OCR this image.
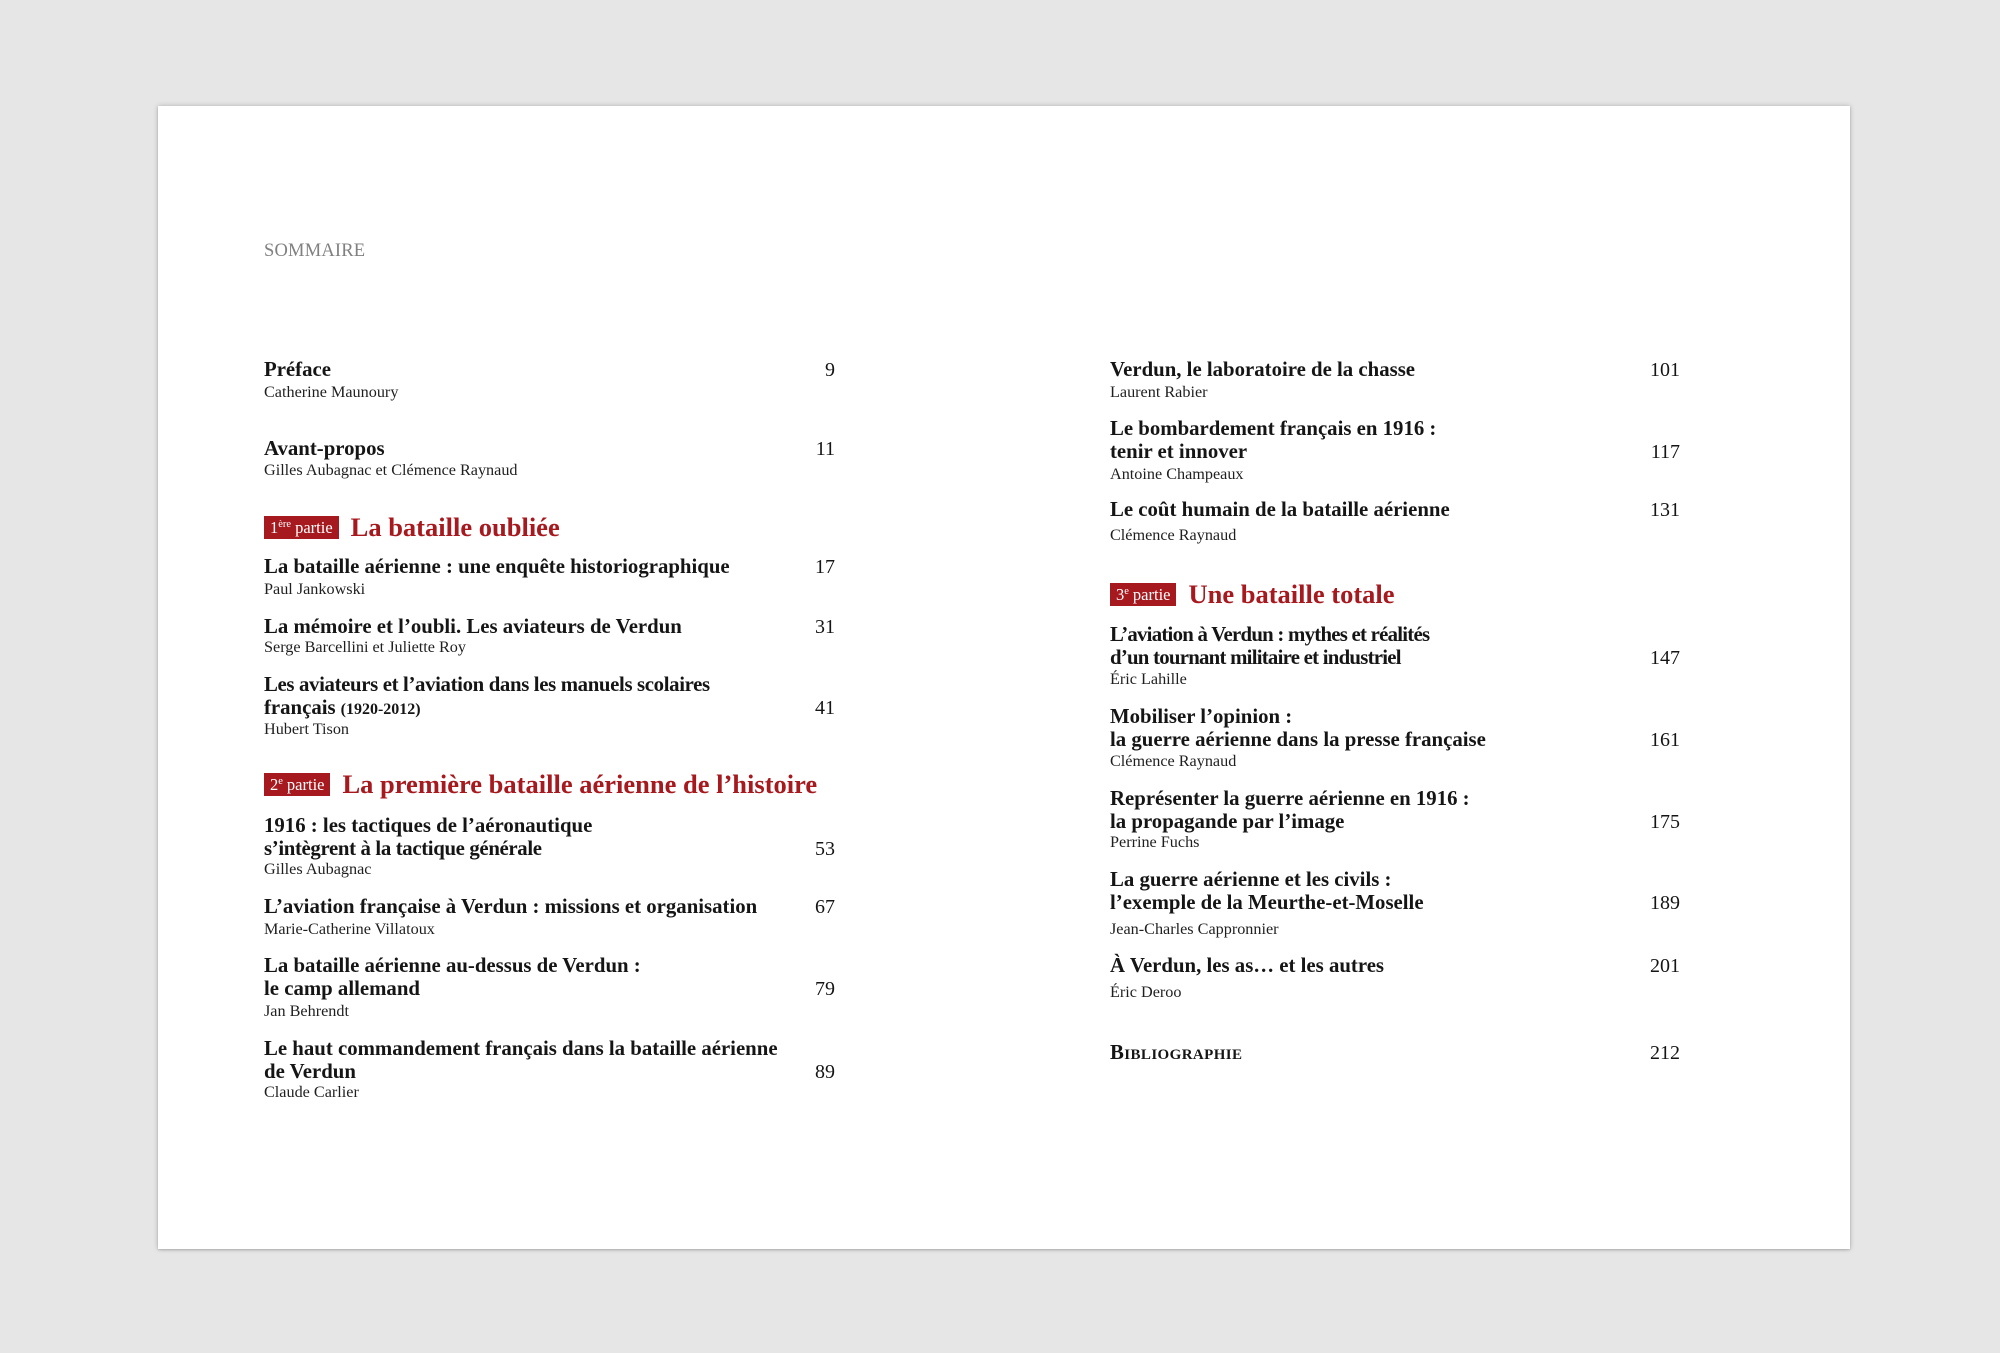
SOMMAIRE
Préface	9
Catherine Maunoury
Avant-propos	11
Gilles Aubagnac et Clémence Raynaud
1ère partie La bataille oubliée
La bataille aérienne : une enquête historiographique	17
Paul Jankowski
La mémoire et l’oubli. Les aviateurs de Verdun	31
Serge Barcellini et Juliette Roy
Les aviateurs et l’aviation dans les manuels scolaires
français (1920-2012)	41
Hubert Tison
2e partie La première bataille aérienne de l’histoire
1916 : les tactiques de l’aéronautique
s’intègrent à la tactique générale	53
Gilles Aubagnac
L’aviation française à Verdun : missions et organisation	67
Marie-Catherine Villatoux
La bataille aérienne au-dessus de Verdun :
le camp allemand	79
Jan Behrendt
Le haut commandement français dans la bataille aérienne
de Verdun	89
Claude Carlier
Verdun, le laboratoire de la chasse	101
Laurent Rabier
Le bombardement français en 1916 :
tenir et innover	117
Antoine Champeaux
Le coût humain de la bataille aérienne	131
Clémence Raynaud
3e partie Une bataille totale
L’aviation à Verdun : mythes et réalités
d’un tournant militaire et industriel	147
Éric Lahille
Mobiliser l’opinion :
la guerre aérienne dans la presse française	161
Clémence Raynaud
Représenter la guerre aérienne en 1916 :
la propagande par l’image	175
Perrine Fuchs
La guerre aérienne et les civils :
l’exemple de la Meurthe-et-Moselle	189
Jean-Charles Cappronnier
À Verdun, les as… et les autres	201
Éric Deroo
Bibliographie	212
